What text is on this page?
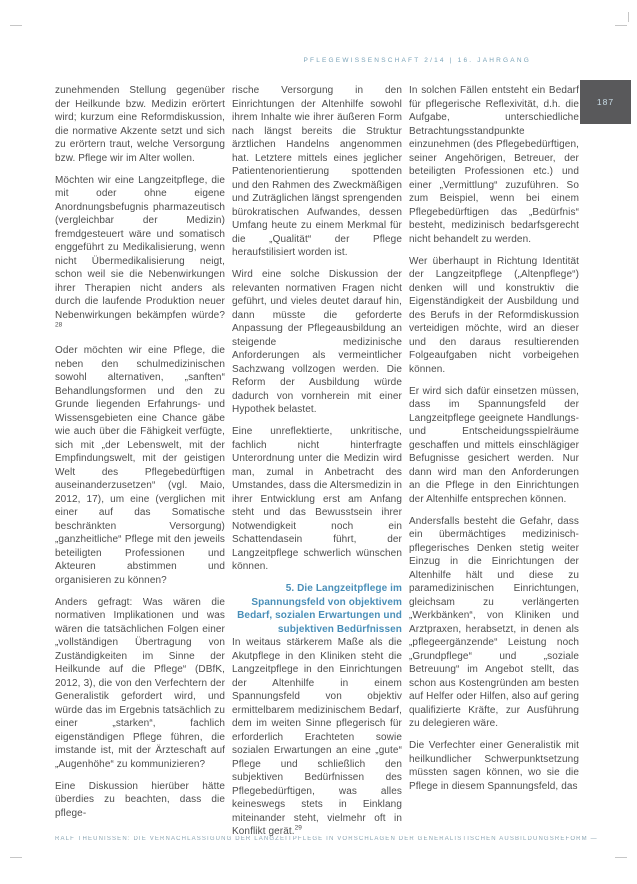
PFLEGEWISSENSCHAFT 2/14 | 16. JAHRGANG
187

zunehmenden Stellung gegenüber der Heilkunde bzw. Medizin erörtert wird; kurzum eine Reformdiskussion, die normative Akzente setzt und sich zu erörtern traut, welche Versorgung bzw. Pflege wir im Alter wollen.

Möchten wir eine Langzeitpflege, die mit oder ohne eigene Anordnungsbefugnis pharmazeutisch (vergleichbar der Medizin) fremdgesteuert wäre und somatisch enggeführt zu Medikalisierung, wenn nicht Übermedikalisierung neigt, schon weil sie die Nebenwirkungen ihrer Therapien nicht anders als durch die laufende Produktion neuer Nebenwirkungen bekämpfen würde?$^{28}$

Oder möchten wir eine Pflege, die neben den schulmedizinischen sowohl alternativen, „sanften“ Behandlungsformen und den zu Grunde liegenden Erfahrungs- und Wissensgebieten eine Chance gäbe wie auch über die Fähigkeit verfügte, sich mit „der Lebenswelt, mit der Empfindungswelt, mit der geistigen Welt des Pflegebedürftigen auseinanderzusetzen“ (vgl. Maio, 2012, 17), um eine (verglichen mit einer auf das Somatische beschränkten Versorgung) „ganzheitliche“ Pflege mit den jeweils beteiligten Professionen und Akteuren abstimmen und organisieren zu können?

Anders gefragt: Was wären die normativen Implikationen und was wären die tatsächlichen Folgen einer „vollständigen Übertragung von Zuständigkeiten im Sinne der Heilkunde auf die Pflege“ (DBfK, 2012, 3), die von den Verfechtern der Generalistik gefordert wird, und würde das im Ergebnis tatsächlich zu einer „starken“, fachlich eigenständigen Pflege führen, die imstande ist, mit der Ärzteschaft auf „Augenhöhe“ zu kommunizieren?

Eine Diskussion hierüber hätte überdies zu beachten, dass die pflege-

rische Versorgung in den Einrichtungen der Altenhilfe sowohl ihrem Inhalte wie ihrer äußeren Form nach längst bereits die Struktur ärztlichen Handelns angenommen hat. Letztere mittels eines jeglicher Patientenorientierung spottenden und den Rahmen des Zweckmäßigen und Zuträglichen längst sprengenden bürokratischen Aufwandes, dessen Umfang heute zu einem Merkmal für die „Qualität“ der Pflege heraufstilisiert worden ist.

Wird eine solche Diskussion der relevanten normativen Fragen nicht geführt, und vieles deutet darauf hin, dann müsste die geforderte Anpassung der Pflegeausbildung an steigende medizinische Anforderungen als vermeintlicher Sachzwang vollzogen werden. Die Reform der Ausbildung würde dadurch von vornherein mit einer Hypothek belastet.

Eine unreflektierte, unkritische, fachlich nicht hinterfragte Unterordnung unter die Medizin wird man, zumal in Anbetracht des Umstandes, dass die Altersmedizin in ihrer Entwicklung erst am Anfang steht und das Bewusstsein ihrer Notwendigkeit noch ein Schattendasein führt, der Langzeitpflege schwerlich wünschen können.

5. Die Langzeitpflege im Spannungsfeld von objektivem Bedarf, sozialen Erwartungen und subjektiven Bedürfnissen

In weitaus stärkerem Maße als die Akutpflege in den Kliniken steht die Langzeitpflege in den Einrichtungen der Altenhilfe in einem Spannungsfeld von objektiv ermittelbarem medizinischem Bedarf, dem im weiten Sinne pflegerisch für erforderlich Erachteten sowie sozialen Erwartungen an eine „gute“ Pflege und schließlich den subjektiven Bedürfnissen des Pflegebedürftigen, was alles keineswegs stets in Einklang miteinander steht, vielmehr oft in Konflikt gerät.$^{29}$

In solchen Fällen entsteht ein Bedarf für pflegerische Reflexivität, d.h. die Aufgabe, unterschiedliche Betrachtungsstandpunkte einzunehmen (des Pflegebedürftigen, seiner Angehörigen, Betreuer, der beteiligten Professionen etc.) und einer „Vermittlung“ zuzuführen. So zum Beispiel, wenn bei einem Pflegebedürftigen das „Bedürfnis“ besteht, medizinisch bedarfsgerecht nicht behandelt zu werden.

Wer überhaupt in Richtung Identität der Langzeitpflege („Altenpflege“) denken will und konstruktiv die Eigenständigkeit der Ausbildung und des Berufs in der Reformdiskussion verteidigen möchte, wird an dieser und den daraus resultierenden Folgeaufgaben nicht vorbeigehen können.

Er wird sich dafür einsetzen müssen, dass im Spannungsfeld der Langzeitpflege geeignete Handlungs- und Entscheidungsspielräume geschaffen und mittels einschlägiger Befugnisse gesichert werden. Nur dann wird man den Anforderungen an die Pflege in den Einrichtungen der Altenhilfe entsprechen können.

Andersfalls besteht die Gefahr, dass ein übermächtiges medizinisch-pflegerisches Denken stetig weiter Einzug in die Einrichtungen der Altenhilfe hält und diese zu paramedizinischen Einrichtungen, gleichsam zu verlängerten „Werkbänken“, von Kliniken und Arztpraxen, herabsetzt, in denen als „pflegeergänzende“ Leistung noch „Grundpflege“ und „soziale Betreuung“ im Angebot stellt, das schon aus Kostengründen am besten auf Helfer oder Hilfen, also auf gering qualifizierte Kräfte, zur Ausführung zu delegieren wäre.

Die Verfechter einer Generalistik mit heilkundlicher Schwerpunktsetzung müssten sagen können, wo sie die Pflege in diesem Spannungsfeld, das

RALF THEUNISSEN: DIE VERNACHLÄSSIGUNG DER LANGZEITPFLEGE IN VORSCHLÄGEN DER GENERALISTISCHEN AUSBILDUNGSREFORM —
